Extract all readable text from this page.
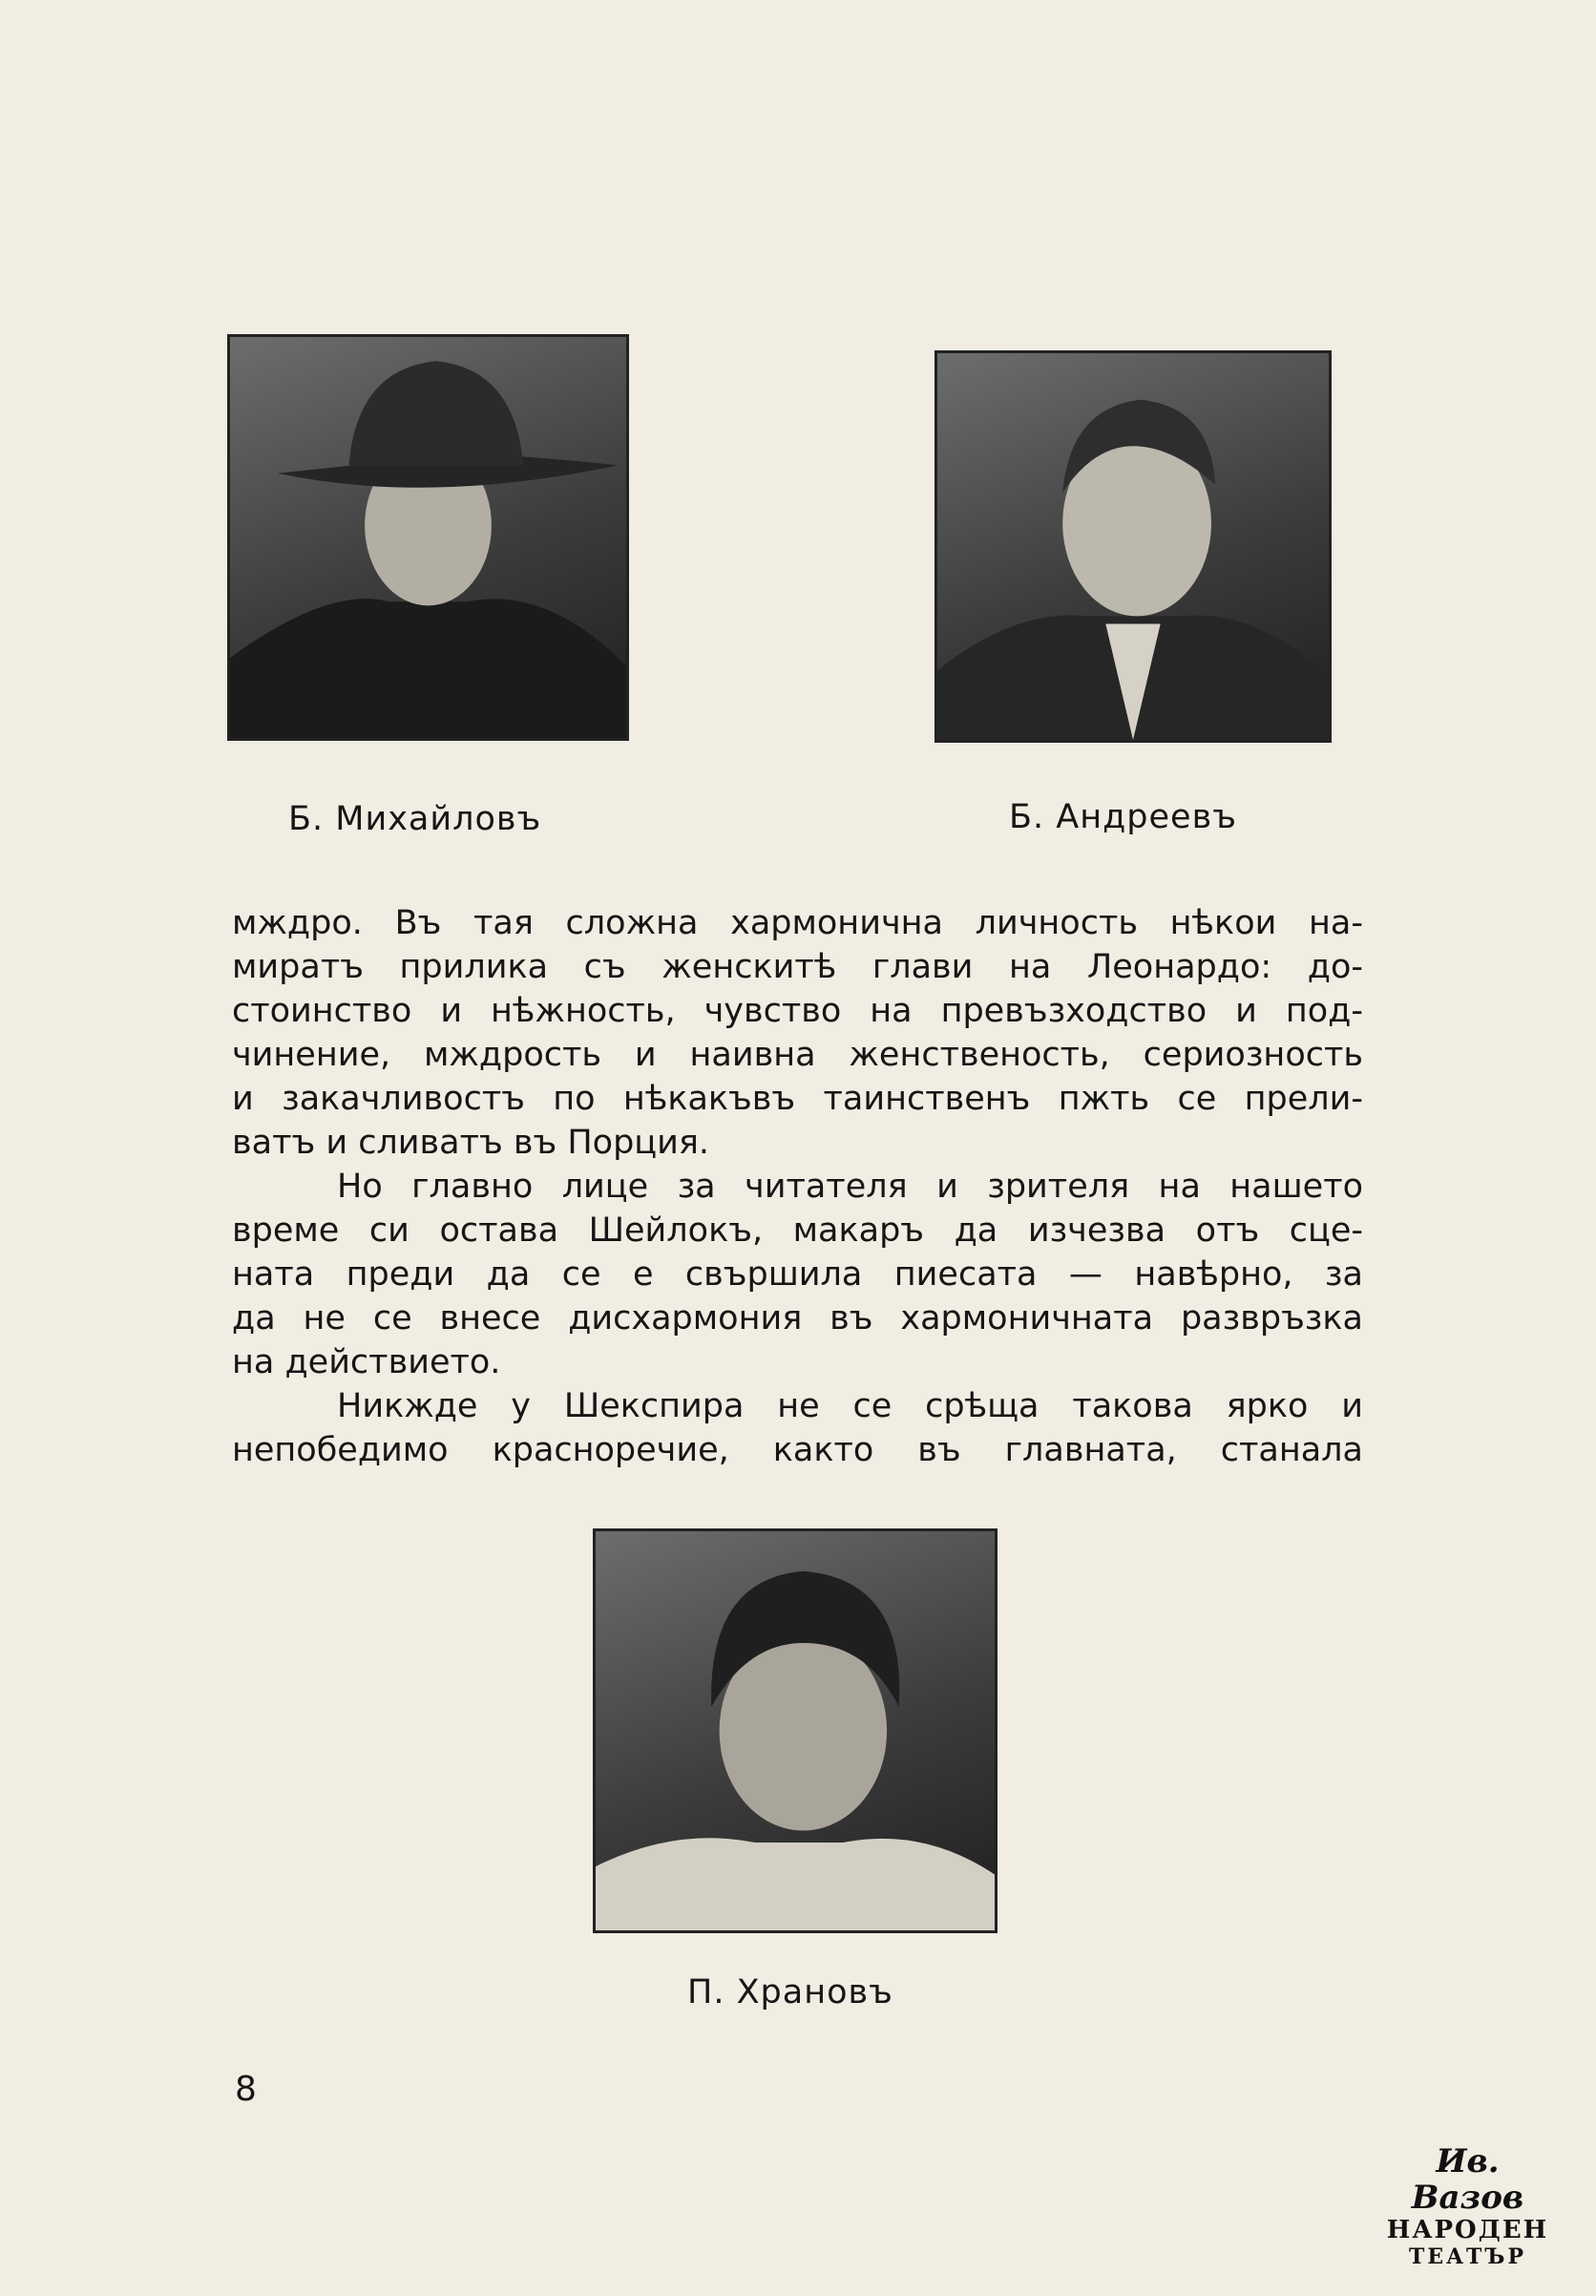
Б. Михайловъ	Б. Андреевъ

мждро. Въ тая сложна хармонична личность нѣкои на-
миратъ прилика съ женскитѣ глави на Леонардо: до-
стоинство и нѣжность, чувство на превъзходство и под-
чинение, мждрость и наивна женственость, сериозность
и закачливостъ по нѣкакъвъ таинственъ пжть се прели-
ватъ и сливатъ въ Порция.

Но главно лице за читателя и зрителя на нашето
време си остава Шейлокъ, макаръ да изчезва отъ сце-
ната преди да се е свършила пиесата — навѣрно, за
да не се внесе дисхармония въ хармоничната развръзка
на действието.

Никжде у Шекспира не се срѣща такова ярко и
непобедимо красноречие, както въ главната, станала

П. Храновъ
8
Ив. Вазов
НАРОДЕН
ТЕАТЪР
